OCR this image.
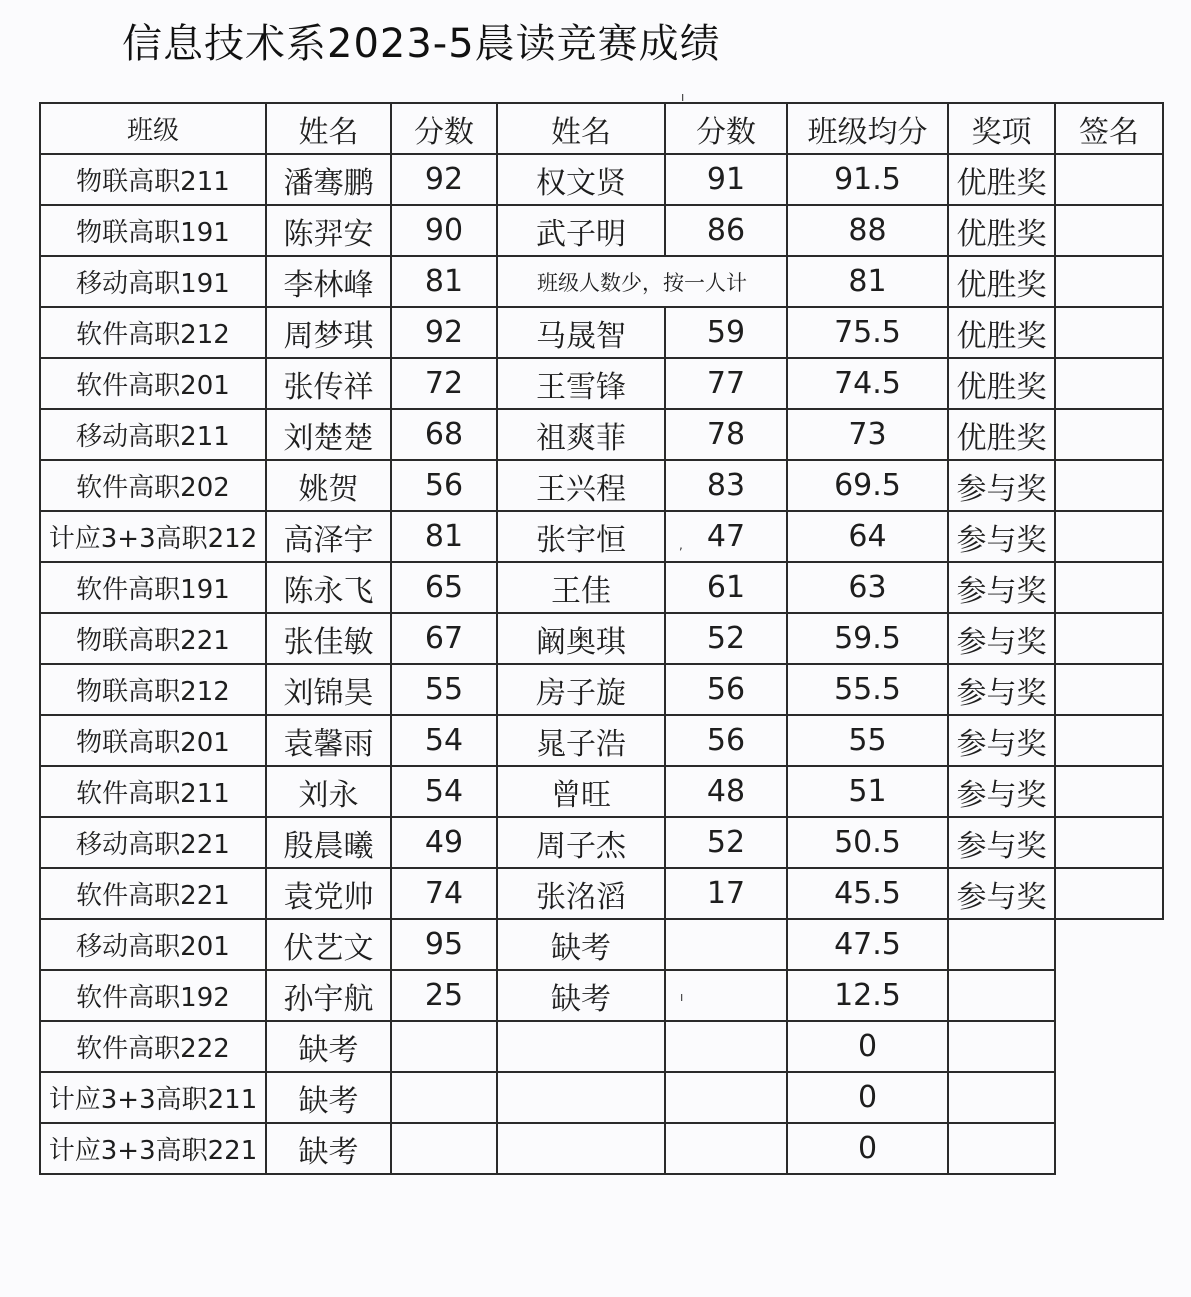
信息技术系2023-5晨读竞赛成绩
班级	姓名	分数	姓名	分数	班级均分	奖项	签名
物联高职211	潘骞鹏	92	权文贤	91	91.5	优胜奖	
物联高职191	陈羿安	90	武子明	86	88	优胜奖	
移动高职191	李林峰	81	班级人数少，按一人计		81	优胜奖	
软件高职212	周梦琪	92	马晟智	59	75.5	优胜奖	
软件高职201	张传祥	72	王雪锋	77	74.5	优胜奖	
移动高职211	刘楚楚	68	祖爽菲	78	73	优胜奖	
软件高职202	姚贺	56	王兴程	83	69.5	参与奖	
计应3+3高职212	高泽宇	81	张宇恒	47	64	参与奖	
软件高职191	陈永飞	65	王佳	61	63	参与奖	
物联高职221	张佳敏	67	阚奥琪	52	59.5	参与奖	
物联高职212	刘锦昊	55	房子旋	56	55.5	参与奖	
物联高职201	袁馨雨	54	晁子浩	56	55	参与奖	
软件高职211	刘永	54	曾旺	48	51	参与奖	
移动高职221	殷晨曦	49	周子杰	52	50.5	参与奖	
软件高职221	袁党帅	74	张洺滔	17	45.5	参与奖	
移动高职201	伏艺文	95	缺考		47.5		
软件高职192	孙宇航	25	缺考		12.5		
软件高职222	缺考				0		
计应3+3高职211	缺考				0		
计应3+3高职221	缺考				0		
ı
,
ı
